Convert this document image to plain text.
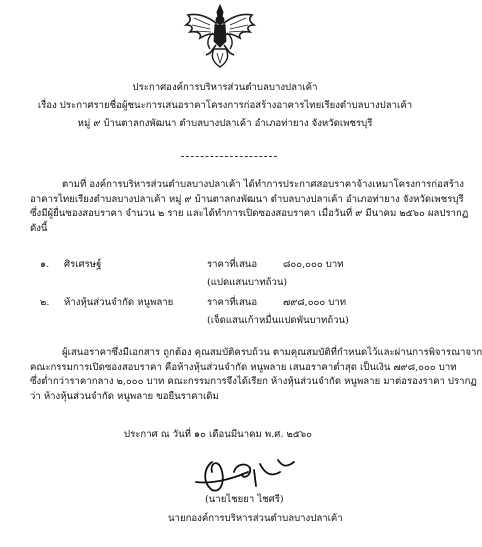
ประกาศองค์การบริหารส่วนตำบลบางปลาเค้า
เรื่อง ประกาศรายชื่อผู้ชนะการเสนอราคาโครงการก่อสร้างอาคารไทยเรียงตำบลบางปลาเค้า
หมู่ ๙ บ้านตาลกงพัฒนา ตำบลบางปลาเค้า อำเภอท่ายาง จังหวัดเพชรบุรี
ตามที่ องค์การบริหารส่วนตำบลบางปลาเค้า ได้ทำการประกาศสอบราคาจ้างเหมาโครงการก่อสร้าง
อาคารไทยเรียงตำบลบางปลาเค้า หมู่ ๙ บ้านตาลกงพัฒนา ตำบลบางปลาเค้า อำเภอท่ายาง จังหวัดเพชรบุรี
ซึ่งมีผู้ยื่นซองสอบราคา จำนวน ๒ ราย และได้ทำการเปิดซองสอบราคา เมื่อวันที่ ๙ มีนาคม ๒๕๖๐ ผลปรากฏ
ดังนี้
๑. ศิรเศรษฐ์	ราคาที่เสนอ	๘๐๐,๐๐๐ บาท
(แปดแสนบาทถ้วน)
๒. ห้างหุ้นส่วนจำกัด หนูพลาย	ราคาที่เสนอ	๗๙๘,๐๐๐ บาท
(เจ็ดแสนเก้าหมื่นแปดพันบาทถ้วน)
ผู้เสนอราคาซึ่งมีเอกสาร ถูกต้อง คุณสมบัติครบถ้วน ตามคุณสมบัติที่กำหนดไว้และผ่านการพิจารณาจาก
คณะกรรมการเปิดซองสอบราคา คือห้างหุ้นส่วนจำกัด หนูพลาย เสนอราคาต่ำสุด เป็นเงิน ๗๙๘,๐๐๐ บาท
ซึ่งต่ำกว่าราคากลาง ๒,๐๐๐ บาท คณะกรรมการจึงได้เรียก ห้างหุ้นส่วนจำกัด หนูพลาย มาต่อรองราคา ปรากฏ
ว่า ห้างหุ้นส่วนจำกัด หนูพลาย ขอยืนราคาเดิม
ประกาศ ณ วันที่ ๑๐ เดือนมีนาคม พ.ศ. ๒๕๖๐
(นายไชยยา ไชศรี)
นายกองค์การบริหารส่วนตำบลบางปลาเค้า
